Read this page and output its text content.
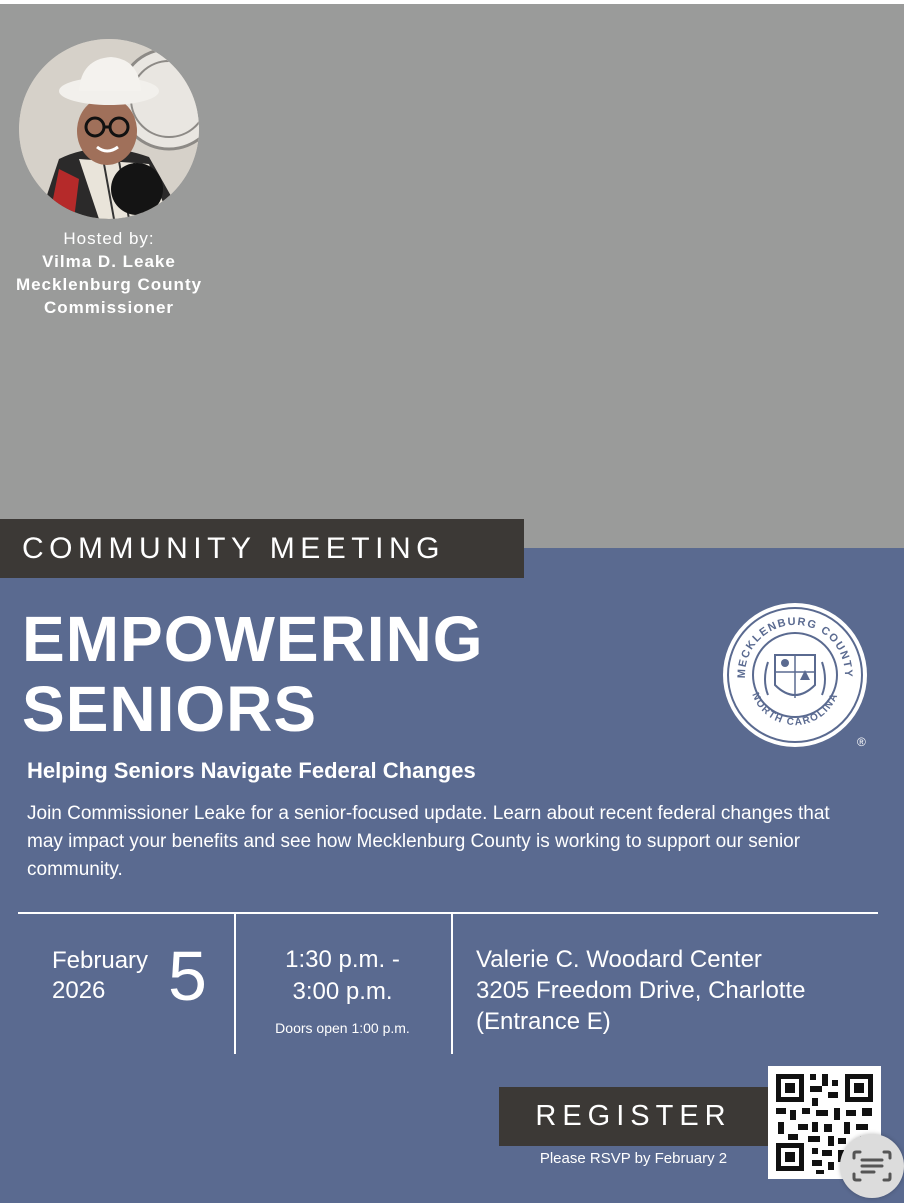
Hosted by:
Vilma D. Leake
Mecklenburg County
Commissioner
COMMUNITY MEETING
EMPOWERING
SENIORS
Helping Seniors Navigate Federal Changes
Join Commissioner Leake for a senior-focused update. Learn about recent federal changes that may impact your benefits and see how Mecklenburg County is working to support our senior community.
MECKLENBURG COUNTY
NORTH CAROLINA
®
February
2026 5	1:30 p.m. -
3:00 p.m.
Doors open 1:00 p.m.
Valerie C. Woodard Center
3205 Freedom Drive, Charlotte
(Entrance E)
REGISTER
Please RSVP by February 2
